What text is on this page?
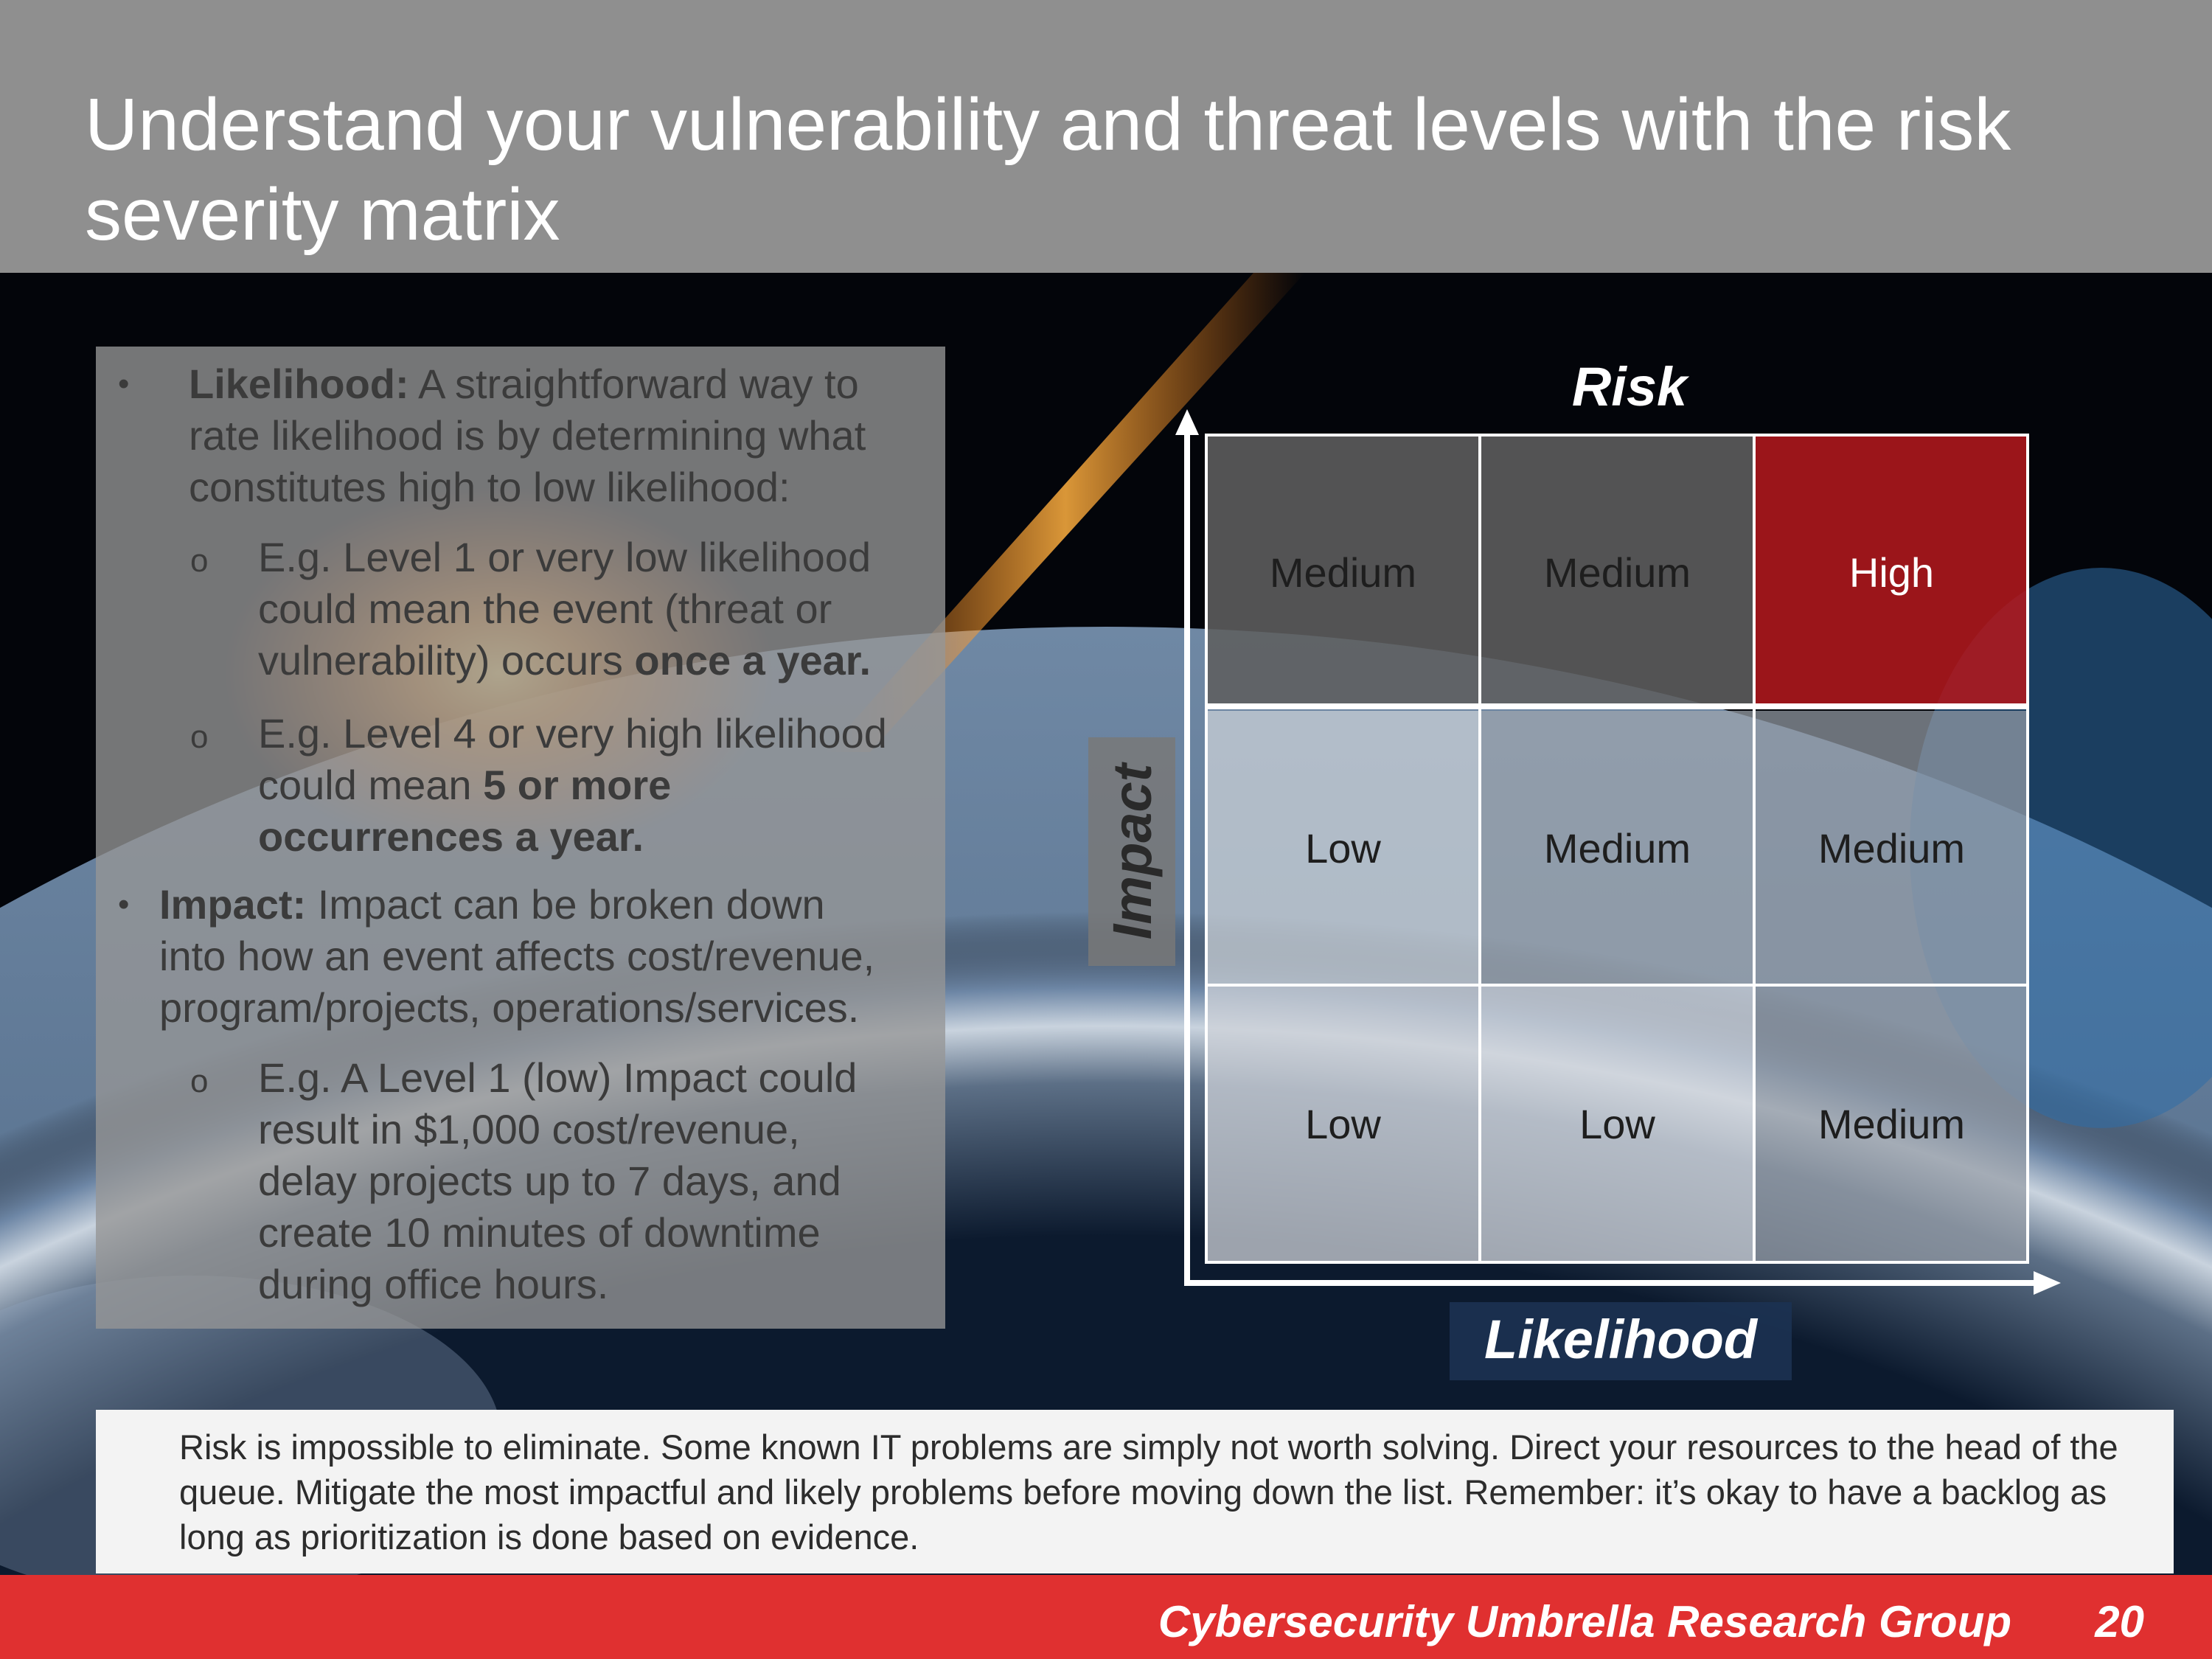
Understand your vulnerability and threat levels with the risk
severity matrix
• Likelihood: A straightforward way to
rate likelihood is by determining what
constitutes high to low likelihood:
o E.g. Level 1 or very low likelihood
could mean the event (threat or
vulnerability) occurs once a year.
o E.g. Level 4 or very high likelihood
could mean 5 or more
occurrences a year.
• Impact: Impact can be broken down
into how an event affects cost/revenue,
program/projects, operations/services.
o E.g. A Level 1 (low) Impact could
result in $1,000 cost/revenue,
delay projects up to 7 days, and
create 10 minutes of downtime
during office hours.
Risk
Medium	Medium	High
Low	Medium	Medium
Low	Low	Medium
Impact
Likelihood

Risk is impossible to eliminate. Some known IT problems are simply not worth solving. Direct your resources to the head of the queue. Mitigate the most impactful and likely problems before moving down the list. Remember: it’s okay to have a backlog as long as prioritization is done based on evidence.

Cybersecurity Umbrella Research Group 20
